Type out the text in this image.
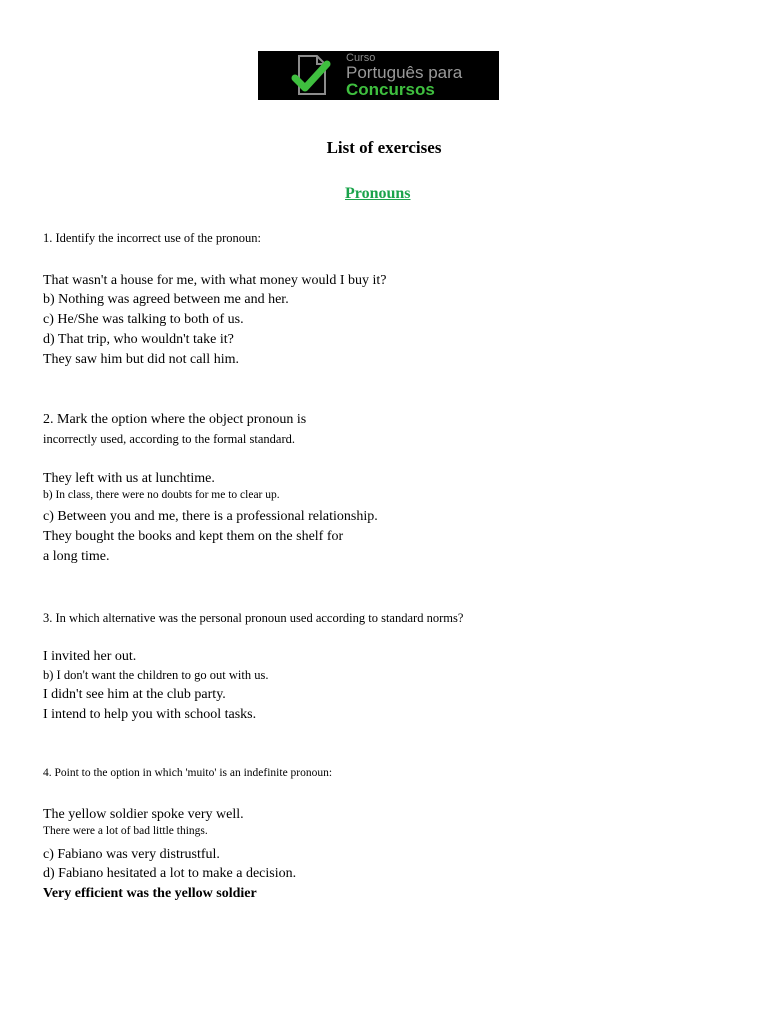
Curso
Português para
Concursos
List of exercises
Pronouns
1. Identify the incorrect use of the pronoun:
That wasn't a house for me, with what money would I buy it?
b) Nothing was agreed between me and her.
c) He/She was talking to both of us.
d) That trip, who wouldn't take it?
They saw him but did not call him.
2. Mark the option where the object pronoun is
incorrectly used, according to the formal standard.
They left with us at lunchtime.
b) In class, there were no doubts for me to clear up.
c) Between you and me, there is a professional relationship.
They bought the books and kept them on the shelf for
a long time.
3. In which alternative was the personal pronoun used according to standard norms?
I invited her out.
b) I don't want the children to go out with us.
I didn't see him at the club party.
I intend to help you with school tasks.
4. Point to the option in which 'muito' is an indefinite pronoun:
The yellow soldier spoke very well.
There were a lot of bad little things.
c) Fabiano was very distrustful.
d) Fabiano hesitated a lot to make a decision.
Very efficient was the yellow soldier
